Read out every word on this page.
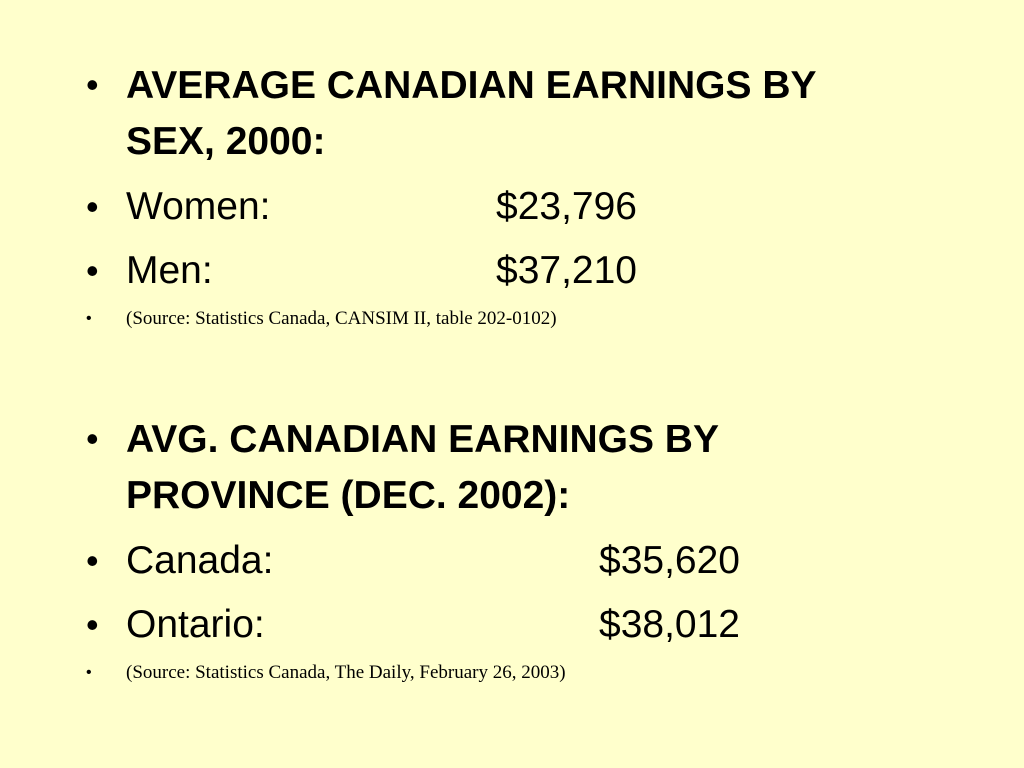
• AVERAGE CANADIAN EARNINGS BY
SEX, 2000:
• Women:	$23,796
• Men:	$37,210
• (Source: Statistics Canada, CANSIM II, table 202-0102)
• AVG. CANADIAN EARNINGS BY
PROVINCE (DEC. 2002):
• Canada:	$35,620
• Ontario:	$38,012
• (Source: Statistics Canada, The Daily, February 26, 2003)
